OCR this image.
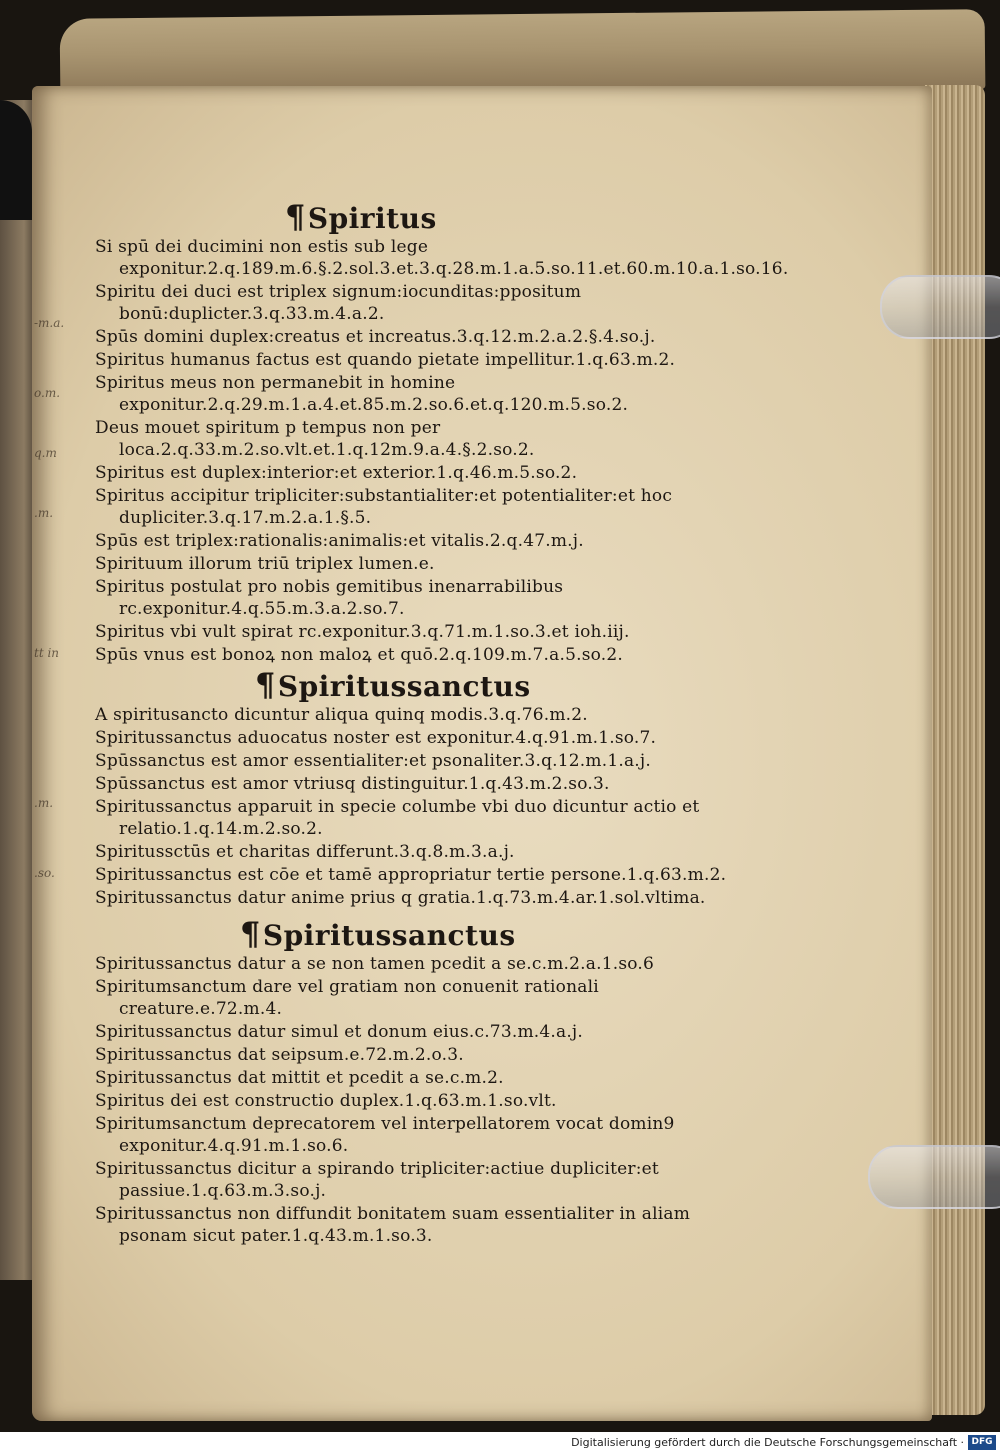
-m.a.
o.m.
q.m
.m.
tt in
.m.
.so.

¶Spiritus

Si spū dei ducimini non estis sub lege exponitur.2.q.189.m.6.§.2.sol.3.et.3.q.28.m.1.a.5.so.11.et.60.m.10.a.1.so.16.

Spiritu dei duci est triplex signum:iocunditas:ppositum bonū:duplicter.3.q.33.m.4.a.2.

Spūs domini duplex:creatus et increatus.3.q.12.m.2.a.2.§.4.so.j.

Spiritus humanus factus est quando pietate impellitur.1.q.63.m.2.

Spiritus meus non permanebit in homine exponitur.2.q.29.m.1.a.4.et.85.m.2.so.6.et.q.120.m.5.so.2.

Deus mouet spiritum p tempus non per loca.2.q.33.m.2.so.vlt.et.1.q.12m.9.a.4.§.2.so.2.

Spiritus est duplex:interior:et exterior.1.q.46.m.5.so.2.

Spiritus accipitur tripliciter:substantialiter:et potentialiter:et hoc dupliciter.3.q.17.m.2.a.1.§.5.

Spūs est triplex:rationalis:animalis:et vitalis.2.q.47.m.j.

Spirituum illorum triū triplex lumen.e.

Spiritus postulat pro nobis gemitibus inenarrabilibus rc.exponitur.4.q.55.m.3.a.2.so.7.

Spiritus vbi vult spirat rc.exponitur.3.q.71.m.1.so.3.et ioh.iij.

Spūs vnus est bonoꝝ non maloꝝ et quō.2.q.109.m.7.a.5.so.2.

¶Spiritussanctus

A spiritusancto dicuntur aliqua quinq modis.3.q.76.m.2.

Spiritussanctus aduocatus noster est exponitur.4.q.91.m.1.so.7.

Spūssanctus est amor essentialiter:et psonaliter.3.q.12.m.1.a.j.

Spūssanctus est amor vtriusq distinguitur.1.q.43.m.2.so.3.

Spiritussanctus apparuit in specie columbe vbi duo dicuntur actio et relatio.1.q.14.m.2.so.2.

Spiritussctūs et charitas differunt.3.q.8.m.3.a.j.

Spiritussanctus est cōe et tamē appropriatur tertie persone.1.q.63.m.2.

Spiritussanctus datur anime prius q gratia.1.q.73.m.4.ar.1.sol.vltima.

¶Spiritussanctus

Spiritussanctus datur a se non tamen pcedit a se.c.m.2.a.1.so.6

Spiritumsanctum dare vel gratiam non conuenit rationali creature.e.72.m.4.

Spiritussanctus datur simul et donum eius.c.73.m.4.a.j.

Spiritussanctus dat seipsum.e.72.m.2.o.3.

Spiritussanctus dat mittit et pcedit a se.c.m.2.

Spiritus dei est constructio duplex.1.q.63.m.1.so.vlt.

Spiritumsanctum deprecatorem vel interpellatorem vocat domin9 exponitur.4.q.91.m.1.so.6.

Spiritussanctus dicitur a spirando tripliciter:actiue dupliciter:et passiue.1.q.63.m.3.so.j.

Spiritussanctus non diffundit bonitatem suam essentialiter in aliam psonam sicut pater.1.q.43.m.1.so.3.

Digitalisierung gefördert durch die Deutsche Forschungsgemeinschaft · DFG
